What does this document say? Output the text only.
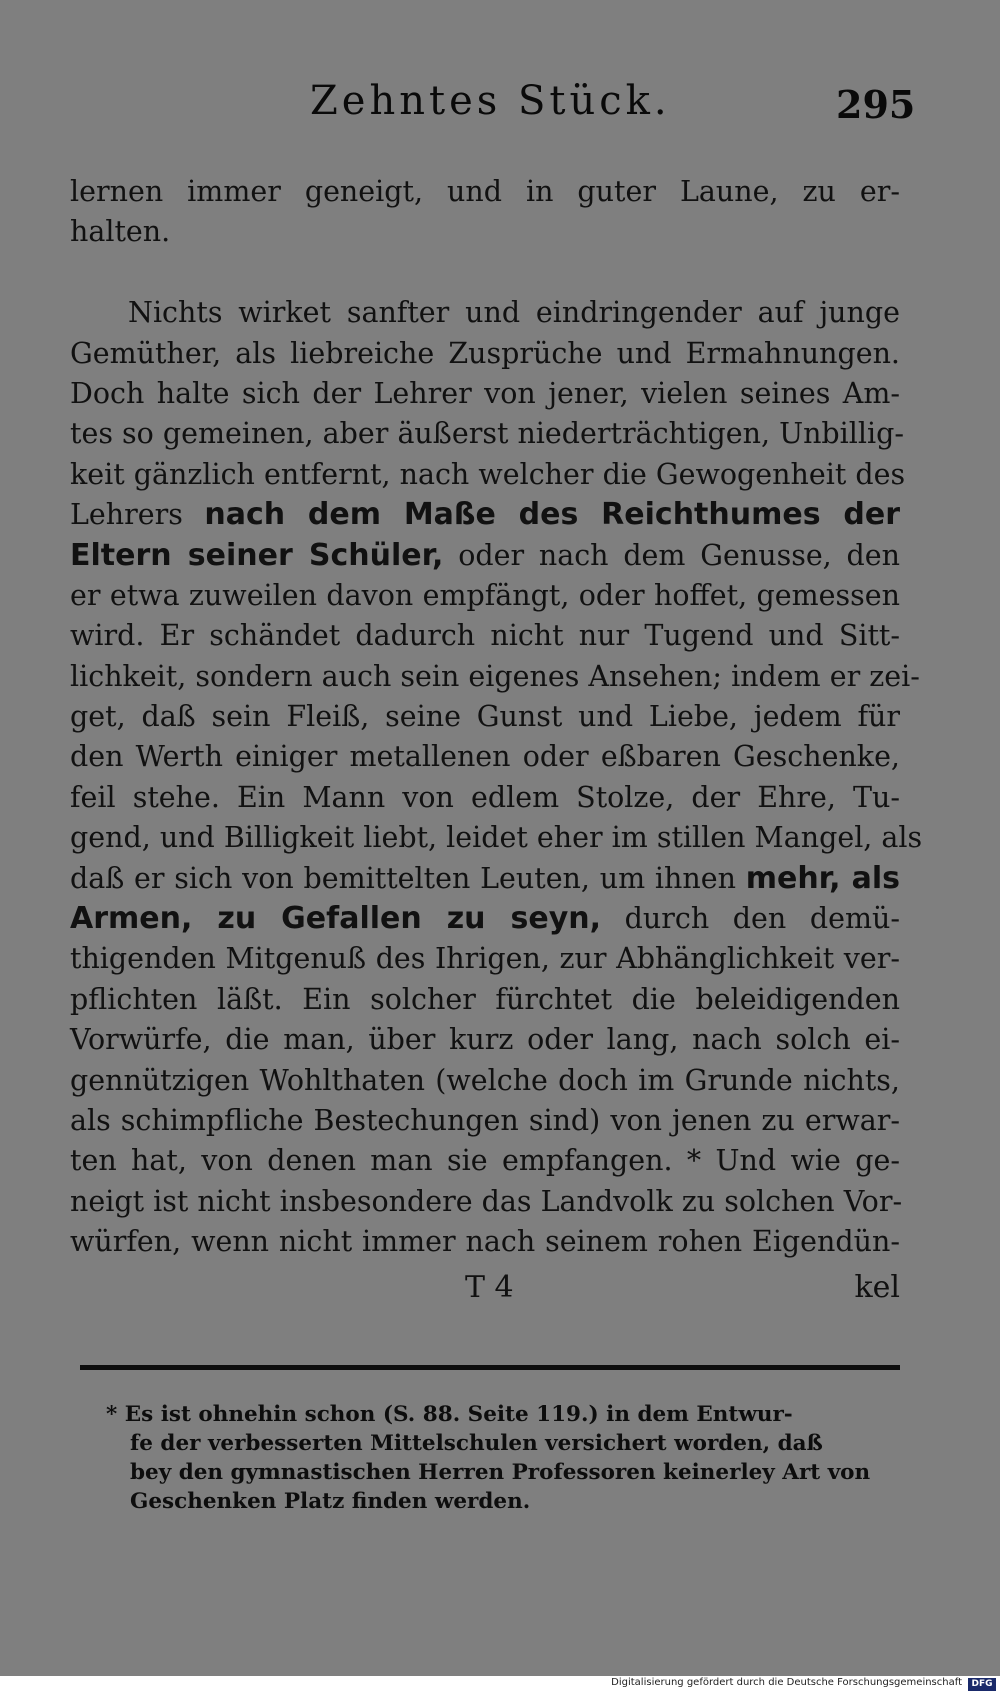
Zehntes Stück.	295
lernen immer geneigt, und in guter Laune, zu er-
halten.
Nichts wirket sanfter und eindringender auf junge
Gemüther, als liebreiche Zusprüche und Ermahnungen.
Doch halte sich der Lehrer von jener, vielen seines Am-
tes so gemeinen, aber äußerst niederträchtigen, Unbillig-
keit gänzlich entfernt, nach welcher die Gewogenheit des
Lehrers nach dem Maße des Reichthumes der
Eltern seiner Schüler, oder nach dem Genusse, den
er etwa zuweilen davon empfängt, oder hoffet, gemessen
wird. Er schändet dadurch nicht nur Tugend und Sitt-
lichkeit, sondern auch sein eigenes Ansehen; indem er zei-
get, daß sein Fleiß, seine Gunst und Liebe, jedem für
den Werth einiger metallenen oder eßbaren Geschenke,
feil stehe. Ein Mann von edlem Stolze, der Ehre, Tu-
gend, und Billigkeit liebt, leidet eher im stillen Mangel, als
daß er sich von bemittelten Leuten, um ihnen mehr, als
Armen, zu Gefallen zu seyn, durch den demü-
thigenden Mitgenuß des Ihrigen, zur Abhänglichkeit ver-
pflichten läßt. Ein solcher fürchtet die beleidigenden
Vorwürfe, die man, über kurz oder lang, nach solch ei-
gennützigen Wohlthaten (welche doch im Grunde nichts,
als schimpfliche Bestechungen sind) von jenen zu erwar-
ten hat, von denen man sie empfangen. * Und wie ge-
neigt ist nicht insbesondere das Landvolk zu solchen Vor-
würfen, wenn nicht immer nach seinem rohen Eigendün-
T 4	kel
* Es ist ohnehin schon (S. 88. Seite 119.) in dem Entwur-
fe der verbesserten Mittelschulen versichert worden, daß
bey den gymnastischen Herren Professoren keinerley Art von
Geschenken Platz finden werden.
Digitalisierung gefördert durch die Deutsche Forschungsgemeinschaft	DFG
